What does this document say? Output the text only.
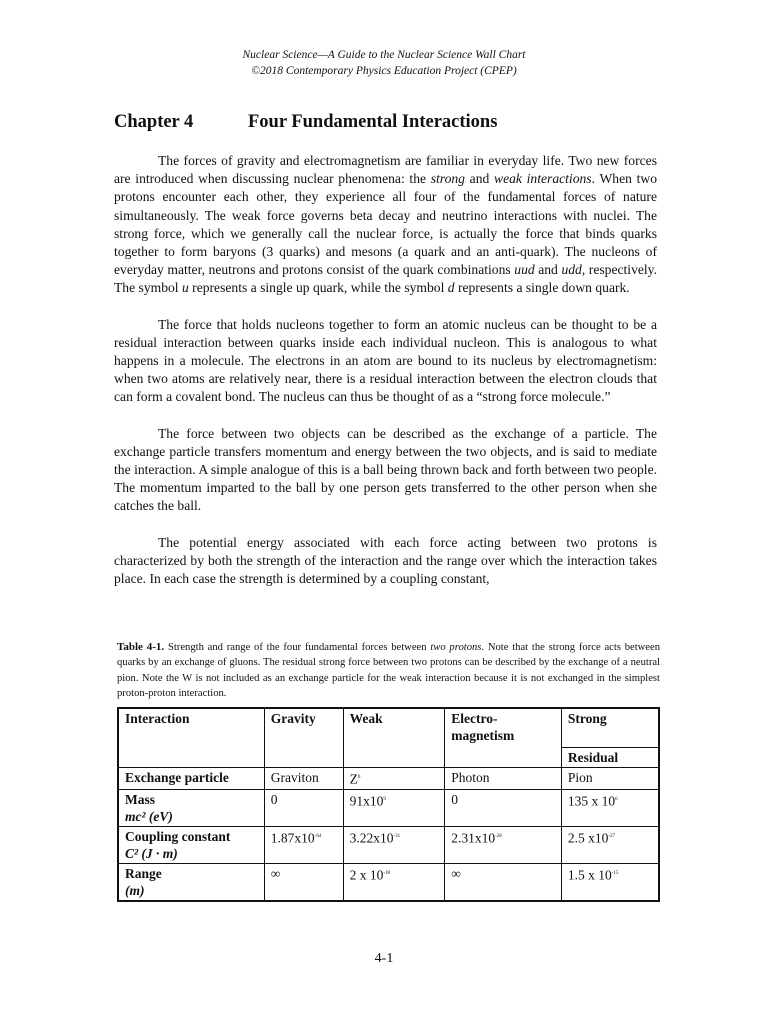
Nuclear Science—A Guide to the Nuclear Science Wall Chart
©2018 Contemporary Physics Education Project (CPEP)
Chapter 4	Four Fundamental Interactions

The forces of gravity and electromagnetism are familiar in everyday life. Two new forces are introduced when discussing nuclear phenomena: the strong and weak interactions. When two protons encounter each other, they experience all four of the fundamental forces of nature simultaneously. The weak force governs beta decay and neutrino interactions with nuclei. The strong force, which we generally call the nuclear force, is actually the force that binds quarks together to form baryons (3 quarks) and mesons (a quark and an anti-quark). The nucleons of everyday matter, neutrons and protons consist of the quark combinations uud and udd, respectively. The symbol u represents a single up quark, while the symbol d represents a single down quark.

The force that holds nucleons together to form an atomic nucleus can be thought to be a residual interaction between quarks inside each individual nucleon. This is analogous to what happens in a molecule. The electrons in an atom are bound to its nucleus by electromagnetism: when two atoms are relatively near, there is a residual interaction between the electron clouds that can form a covalent bond. The nucleus can thus be thought of as a “strong force molecule.”

The force between two objects can be described as the exchange of a particle. The exchange particle transfers momentum and energy between the two objects, and is said to mediate the interaction. A simple analogue of this is a ball being thrown back and forth between two people. The momentum imparted to the ball by one person gets transferred to the other person when she catches the ball.

The potential energy associated with each force acting between two protons is characterized by both the strength of the interaction and the range over which the interaction takes place. In each case the strength is determined by a coupling constant,

Table 4-1. Strength and range of the four fundamental forces between two protons. Note that the strong force acts between quarks by an exchange of gluons. The residual strong force between two protons can be described by the exchange of a neutral pion. Note the W is not included as an exchange particle for the weak interaction because it is not exchanged in the simplest proton-proton interaction.
Interaction	Gravity	Weak	Electro-magnetism	Strong
				Residual
Exchange particle	Graviton	$Z^0$	Photon	Pion

Mass
mc² (eV)	0	$91x10^9$	0	135 x $10^6$

Coupling constant
C² (J · m)	$1.87x10^{-64}$	$3.22x10^{-31}$	$2.31x10^{-28}$	2.5 $x10^{-27}$

Range
(m)	∞	2 x $10^{-18}$	∞	1.5 x $10^{-15}$
4-1
